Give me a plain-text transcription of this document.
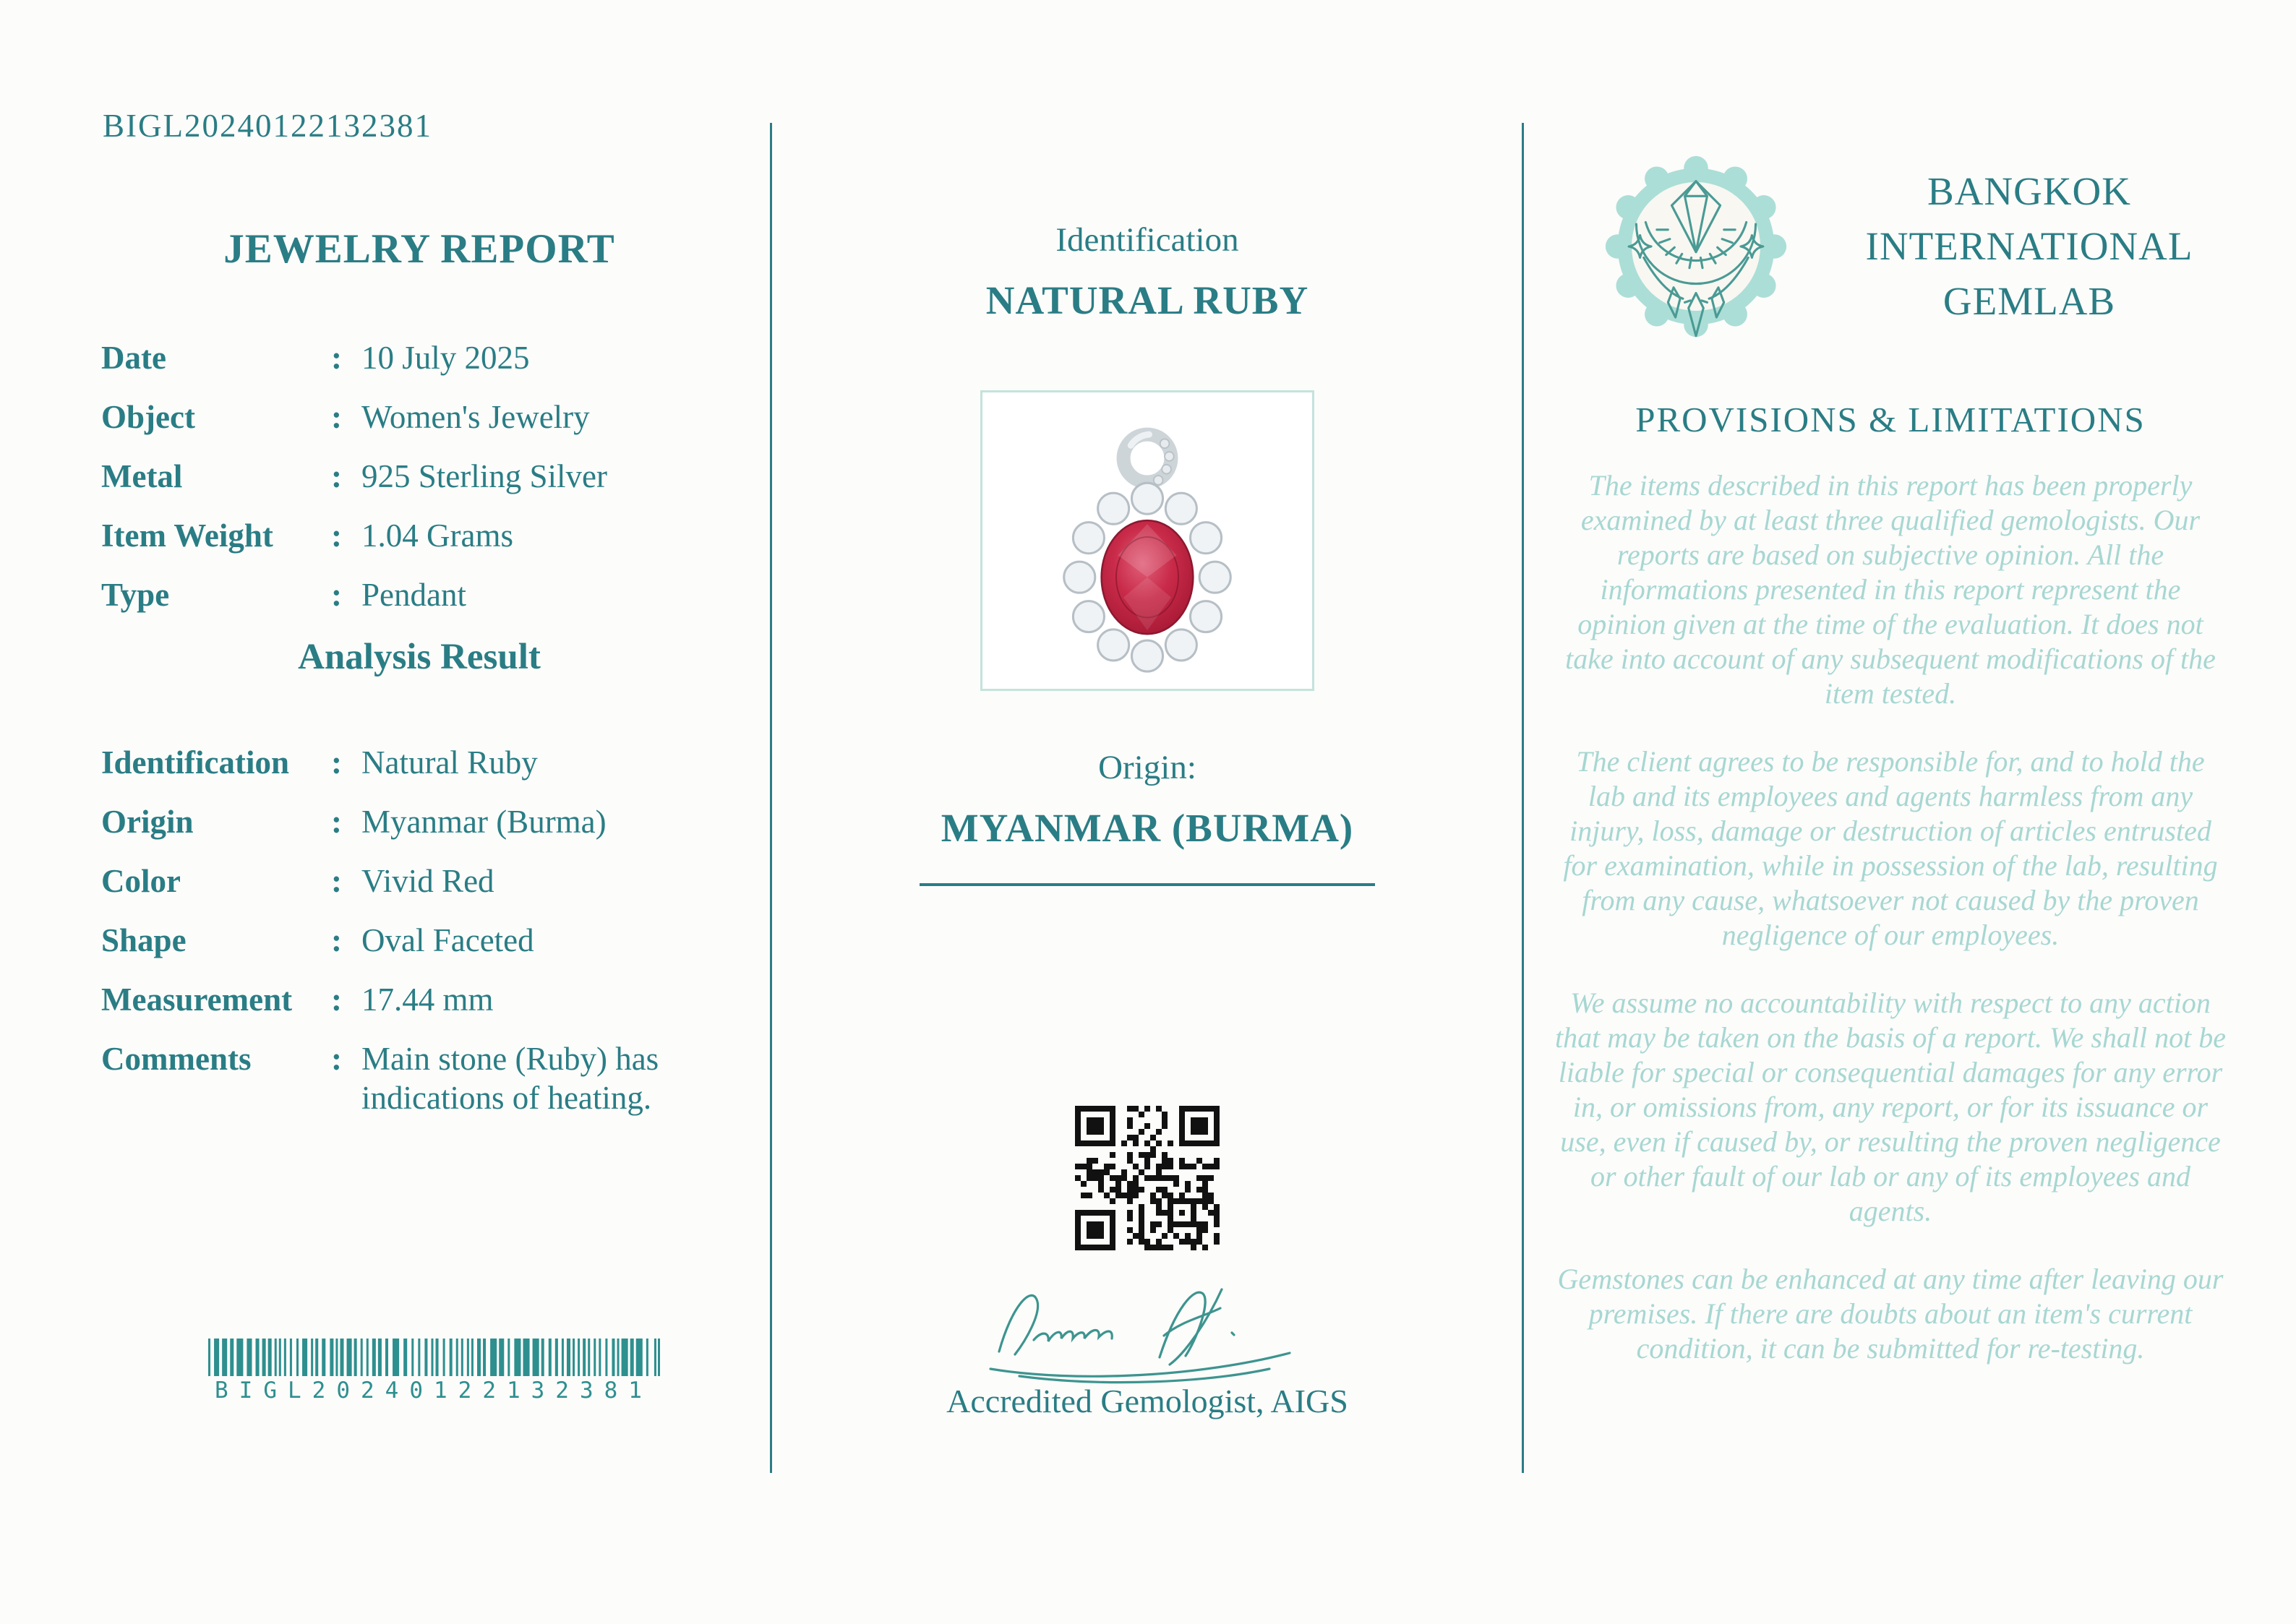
BIGL20240122132381
JEWELRY REPORT
Date	: 10 July 2025
Object	: Women's Jewelry
Metal	: 925 Sterling Silver
Item Weight	: 1.04 Grams
Type	: Pendant
Analysis Result
Identification	: Natural Ruby
Origin	: Myanmar (Burma)
Color	: Vivid Red
Shape	: Oval Faceted
Measurement	: 17.44 mm
Comments	: Main stone (Ruby) has indications of heating.
BIGL20240122132381
Identification
NATURAL RUBY
Origin:
MYANMAR (BURMA)
Accredited Gemologist, AIGS
BANGKOK
INTERNATIONAL
GEMLAB
PROVISIONS & LIMITATIONS

The items described in this report has been properly examined by at least three qualified gemologists. Our reports are based on subjective opinion. All the informations presented in this report represent the opinion given at the time of the evaluation. It does not take into account of any subsequent modifications of the item tested.

The client agrees to be responsible for, and to hold the lab and its employees and agents harmless from any injury, loss, damage or destruction of articles entrusted for examination, while in possession of the lab, resulting from any cause, whatsoever not caused by the proven negligence of our employees.

We assume no accountability with respect to any action that may be taken on the basis of a report. We shall not be liable for special or consequential damages for any error in, or omissions from, any report, or for its issuance or use, even if caused by, or resulting the proven negligence or other fault of our lab or any of its employees and agents.

Gemstones can be enhanced at any time after leaving our premises. If there are doubts about an item's current condition, it can be submitted for re-testing.
